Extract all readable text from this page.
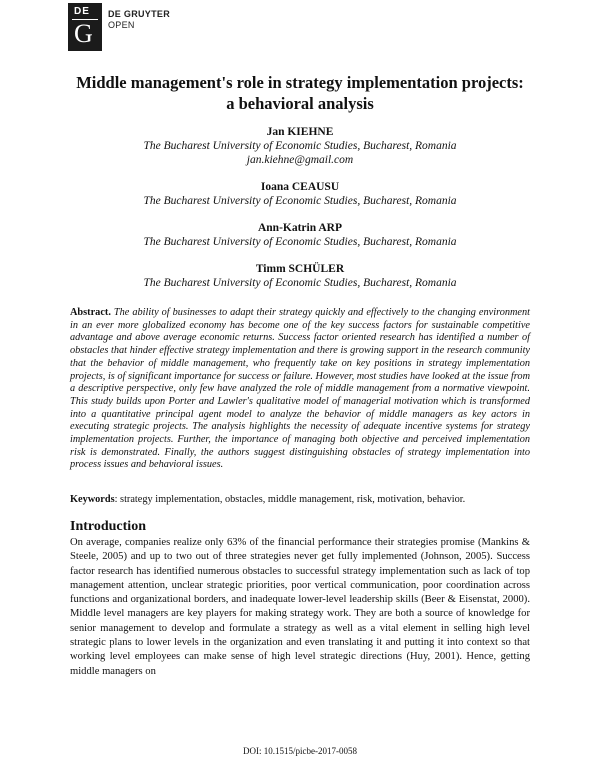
DE
G
DE GRUYTER
OPEN
Middle management's role in strategy implementation projects:
a behavioral analysis
Jan KIEHNE
The Bucharest University of Economic Studies, Bucharest, Romania
jan.kiehne@gmail.com
Ioana CEAUSU
The Bucharest University of Economic Studies, Bucharest, Romania
Ann-Katrin ARP
The Bucharest University of Economic Studies, Bucharest, Romania
Timm SCHÜLER
The Bucharest University of Economic Studies, Bucharest, Romania
Abstract. The ability of businesses to adapt their strategy quickly and effectively to the changing environment in an ever more globalized economy has become one of the key success factors for sustainable competitive advantage and above average economic returns. Success factor oriented research has identified a number of obstacles that hinder effective strategy implementation and there is growing support in the research community that the behavior of middle management, who frequently take on key positions in strategy implementation projects, is of significant importance for success or failure. However, most studies have looked at the issue from a descriptive perspective, only few have analyzed the role of middle management from a normative viewpoint. This study builds upon Porter and Lawler's qualitative model of managerial motivation which is transformed into a quantitative principal agent model to analyze the behavior of middle managers as key actors in executing strategic projects. The analysis highlights the necessity of adequate incentive systems for strategy implementation projects. Further, the importance of managing both objective and perceived implementation risk is demonstrated. Finally, the authors suggest distinguishing obstacles of strategy implementation into process issues and behavioral issues.
Keywords: strategy implementation, obstacles, middle management, risk, motivation, behavior.
Introduction
On average, companies realize only 63% of the financial performance their strategies promise (Mankins & Steele, 2005) and up to two out of three strategies never get fully implemented (Johnson, 2005). Success factor research has identified numerous obstacles to successful strategy implementation such as lack of top management attention, unclear strategic priorities, poor vertical communication, poor coordination across functions and organizational borders, and inadequate lower-level leadership skills (Beer & Eisenstat, 2000). Middle level managers are key players for making strategy work. They are both a source of knowledge for senior management to develop and formulate a strategy as well as a vital element in selling high level strategic plans to lower levels in the organization and even translating it and putting it into context so that working level employees can make sense of high level strategic directions (Huy, 2001). Hence, getting middle managers on
DOI: 10.1515/picbe-2017-0058
